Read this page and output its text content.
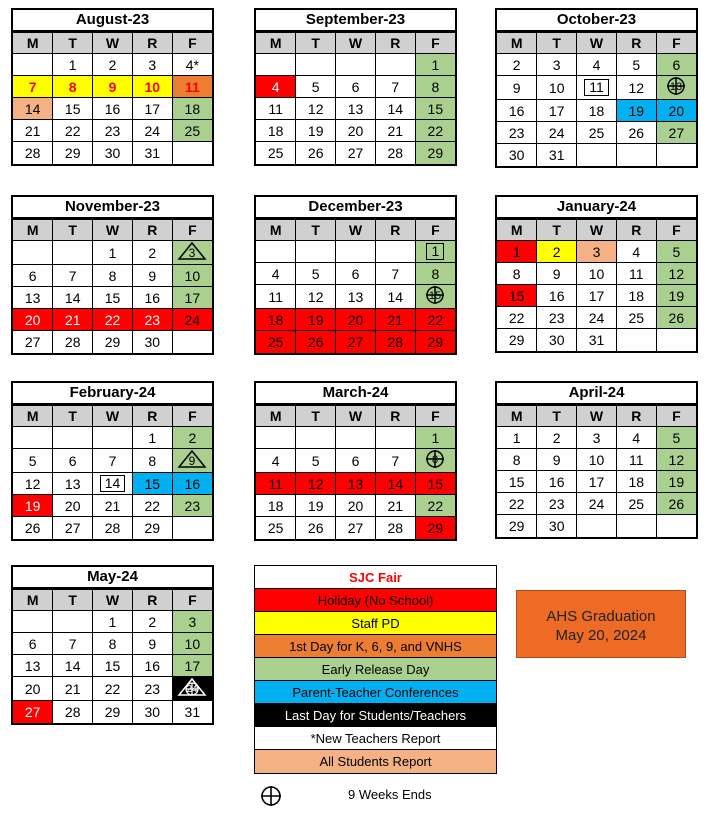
August-23
M	T	W	R	F
	1	2	3	4*
7	8	9	10	11
14	15	16	17	18
21	22	23	24	25
28	29	30	31	
September-23
M	T	W	R	F
				1
4	5	6	7	8
11	12	13	14	15
18	19	20	21	22
25	26	27	28	29
October-23
M	T	W	R	F
2	3	4	5	6
9	10	11	12	13

16	17	18	19	20
23	24	25	26	27
30	31			
November-23
M	T	W	R	F
		1	2	3

6	7	8	9	10
13	14	15	16	17
20	21	22	23	24
27	28	29	30	
December-23
M	T	W	R	F
				1
4	5	6	7	8
11	12	13	14	15

18	19	20	21	22
25	26	27	28	29
January-24
M	T	W	R	F
1	2	3	4	5
8	9	10	11	12
15	16	17	18	19
22	23	24	25	26
29	30	31		
February-24
M	T	W	R	F
			1	2
5	6	7	8	9

12	13	14	15	16
19	20	21	22	23
26	27	28	29	
March-24
M	T	W	R	F
				1
4	5	6	7	8

11	12	13	14	15
18	19	20	21	22
25	26	27	28	29
April-24
M	T	W	R	F
1	2	3	4	5
8	9	10	11	12
15	16	17	18	19
22	23	24	25	26
29	30			
May-24
M	T	W	R	F
		1	2	3
6	7	8	9	10
13	14	15	16	17
20	21	22	23	24

27	28	29	30	31
SJC Fair
Holiday (No School)
Staff PD
1st Day for K, 6, 9, and VNHS
Early Release Day
Parent-Teacher Conferences
Last Day for Students/Teachers
*New Teachers Report
All Students Report
9 Weeks Ends
AHS Graduation
May 20, 2024
